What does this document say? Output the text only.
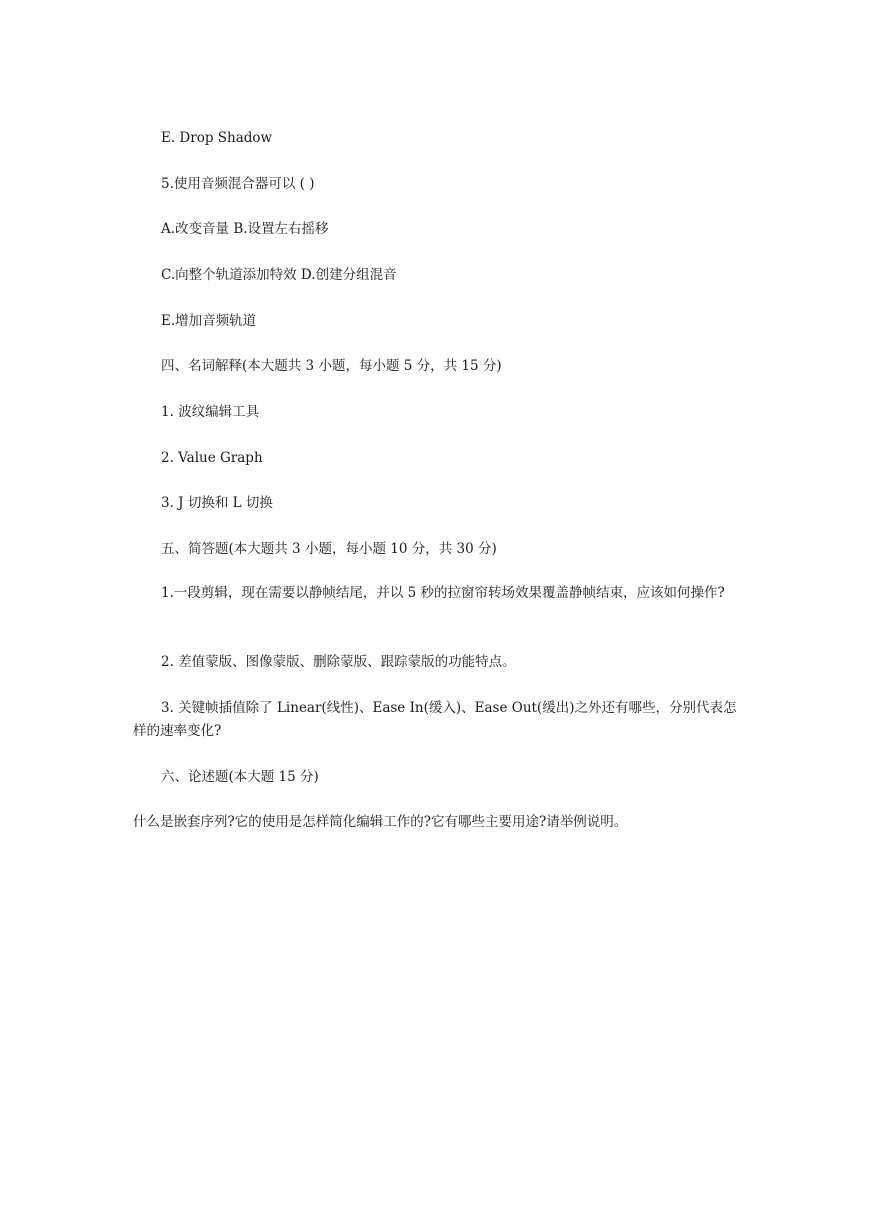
E. Drop Shadow

5.使用音频混合器可以 ( )

A.改变音量 B.设置左右摇移

C.向整个轨道添加特效 D.创建分组混音

E.增加音频轨道

四、名词解释(本大题共 3 小题，每小题 5 分，共 15 分)

1. 波纹编辑工具

2. Value Graph

3. J 切换和 L 切换

五、简答题(本大题共 3 小题，每小题 10 分，共 30 分)

1.一段剪辑，现在需要以静帧结尾，并以 5 秒的拉窗帘转场效果覆盖静帧结束，应该如何操作?

2. 差值蒙版、图像蒙版、删除蒙版、跟踪蒙版的功能特点。

3. 关键帧插值除了 Linear(线性)、Ease In(缓入)、Ease Out(缓出)之外还有哪些，分别代表怎样的速率变化?

六、论述题(本大题 15 分)

什么是嵌套序列?它的使用是怎样简化编辑工作的?它有哪些主要用途?请举例说明。
